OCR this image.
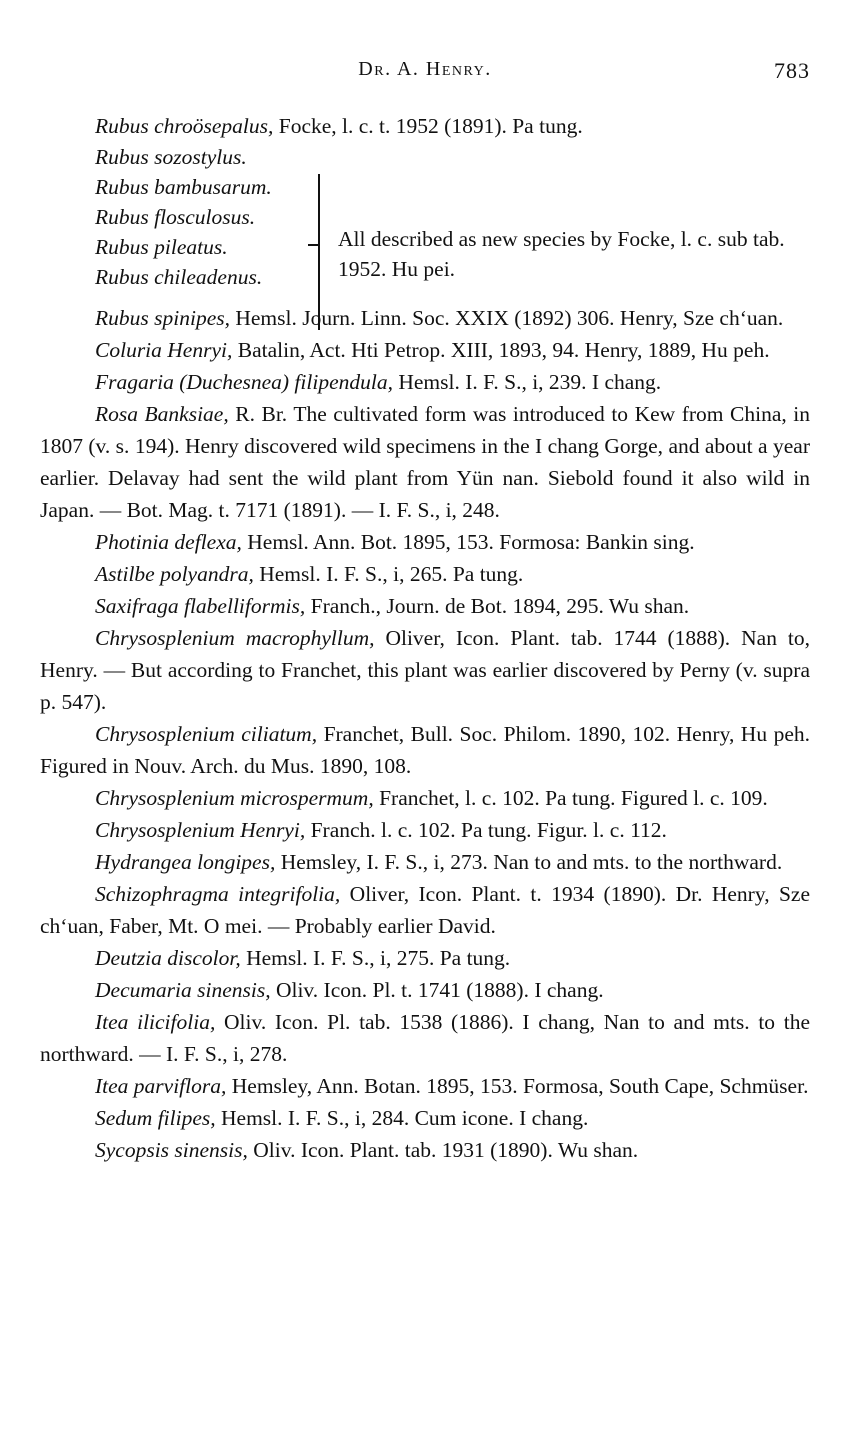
Dr. A. Henry.	783

Rubus chroösepalus, Focke, l. c. t. 1952 (1891). Pa tung.

Rubus sozostylus.
Rubus bambusarum.
Rubus flosculosus.
Rubus pileatus.
Rubus chileadenus.
All described as new species by Focke, l. c. sub tab. 1952. Hu pei.

Rubus spinipes, Hemsl. Journ. Linn. Soc. XXIX (1892) 306. Henry, Sze chʻuan.

Coluria Henryi, Batalin, Act. Hti Petrop. XIII, 1893, 94. Henry, 1889, Hu peh.

Fragaria (Duchesnea) filipendula, Hemsl. I. F. S., i, 239. I chang.

Rosa Banksiae, R. Br. The cultivated form was introduced to Kew from China, in 1807 (v. s. 194). Henry discovered wild specimens in the I chang Gorge, and about a year earlier. Delavay had sent the wild plant from Yün nan. Siebold found it also wild in Japan. — Bot. Mag. t. 7171 (1891). — I. F. S., i, 248.

Photinia deflexa, Hemsl. Ann. Bot. 1895, 153. Formosa: Bankin sing.

Astilbe polyandra, Hemsl. I. F. S., i, 265. Pa tung.

Saxifraga flabelliformis, Franch., Journ. de Bot. 1894, 295. Wu shan.

Chrysosplenium macrophyllum, Oliver, Icon. Plant. tab. 1744 (1888). Nan to, Henry. — But according to Franchet, this plant was earlier discovered by Perny (v. supra p. 547).

Chrysosplenium ciliatum, Franchet, Bull. Soc. Philom. 1890, 102. Henry, Hu peh. Figured in Nouv. Arch. du Mus. 1890, 108.

Chrysosplenium microspermum, Franchet, l. c. 102. Pa tung. Figured l. c. 109.

Chrysosplenium Henryi, Franch. l. c. 102. Pa tung. Figur. l. c. 112.

Hydrangea longipes, Hemsley, I. F. S., i, 273. Nan to and mts. to the northward.

Schizophragma integrifolia, Oliver, Icon. Plant. t. 1934 (1890). Dr. Henry, Sze chʻuan, Faber, Mt. O mei. — Probably earlier David.

Deutzia discolor, Hemsl. I. F. S., i, 275. Pa tung.

Decumaria sinensis, Oliv. Icon. Pl. t. 1741 (1888). I chang.

Itea ilicifolia, Oliv. Icon. Pl. tab. 1538 (1886). I chang, Nan to and mts. to the northward. — I. F. S., i, 278.

Itea parviflora, Hemsley, Ann. Botan. 1895, 153. Formosa, South Cape, Schmüser.

Sedum filipes, Hemsl. I. F. S., i, 284. Cum icone. I chang.

Sycopsis sinensis, Oliv. Icon. Plant. tab. 1931 (1890). Wu shan.
